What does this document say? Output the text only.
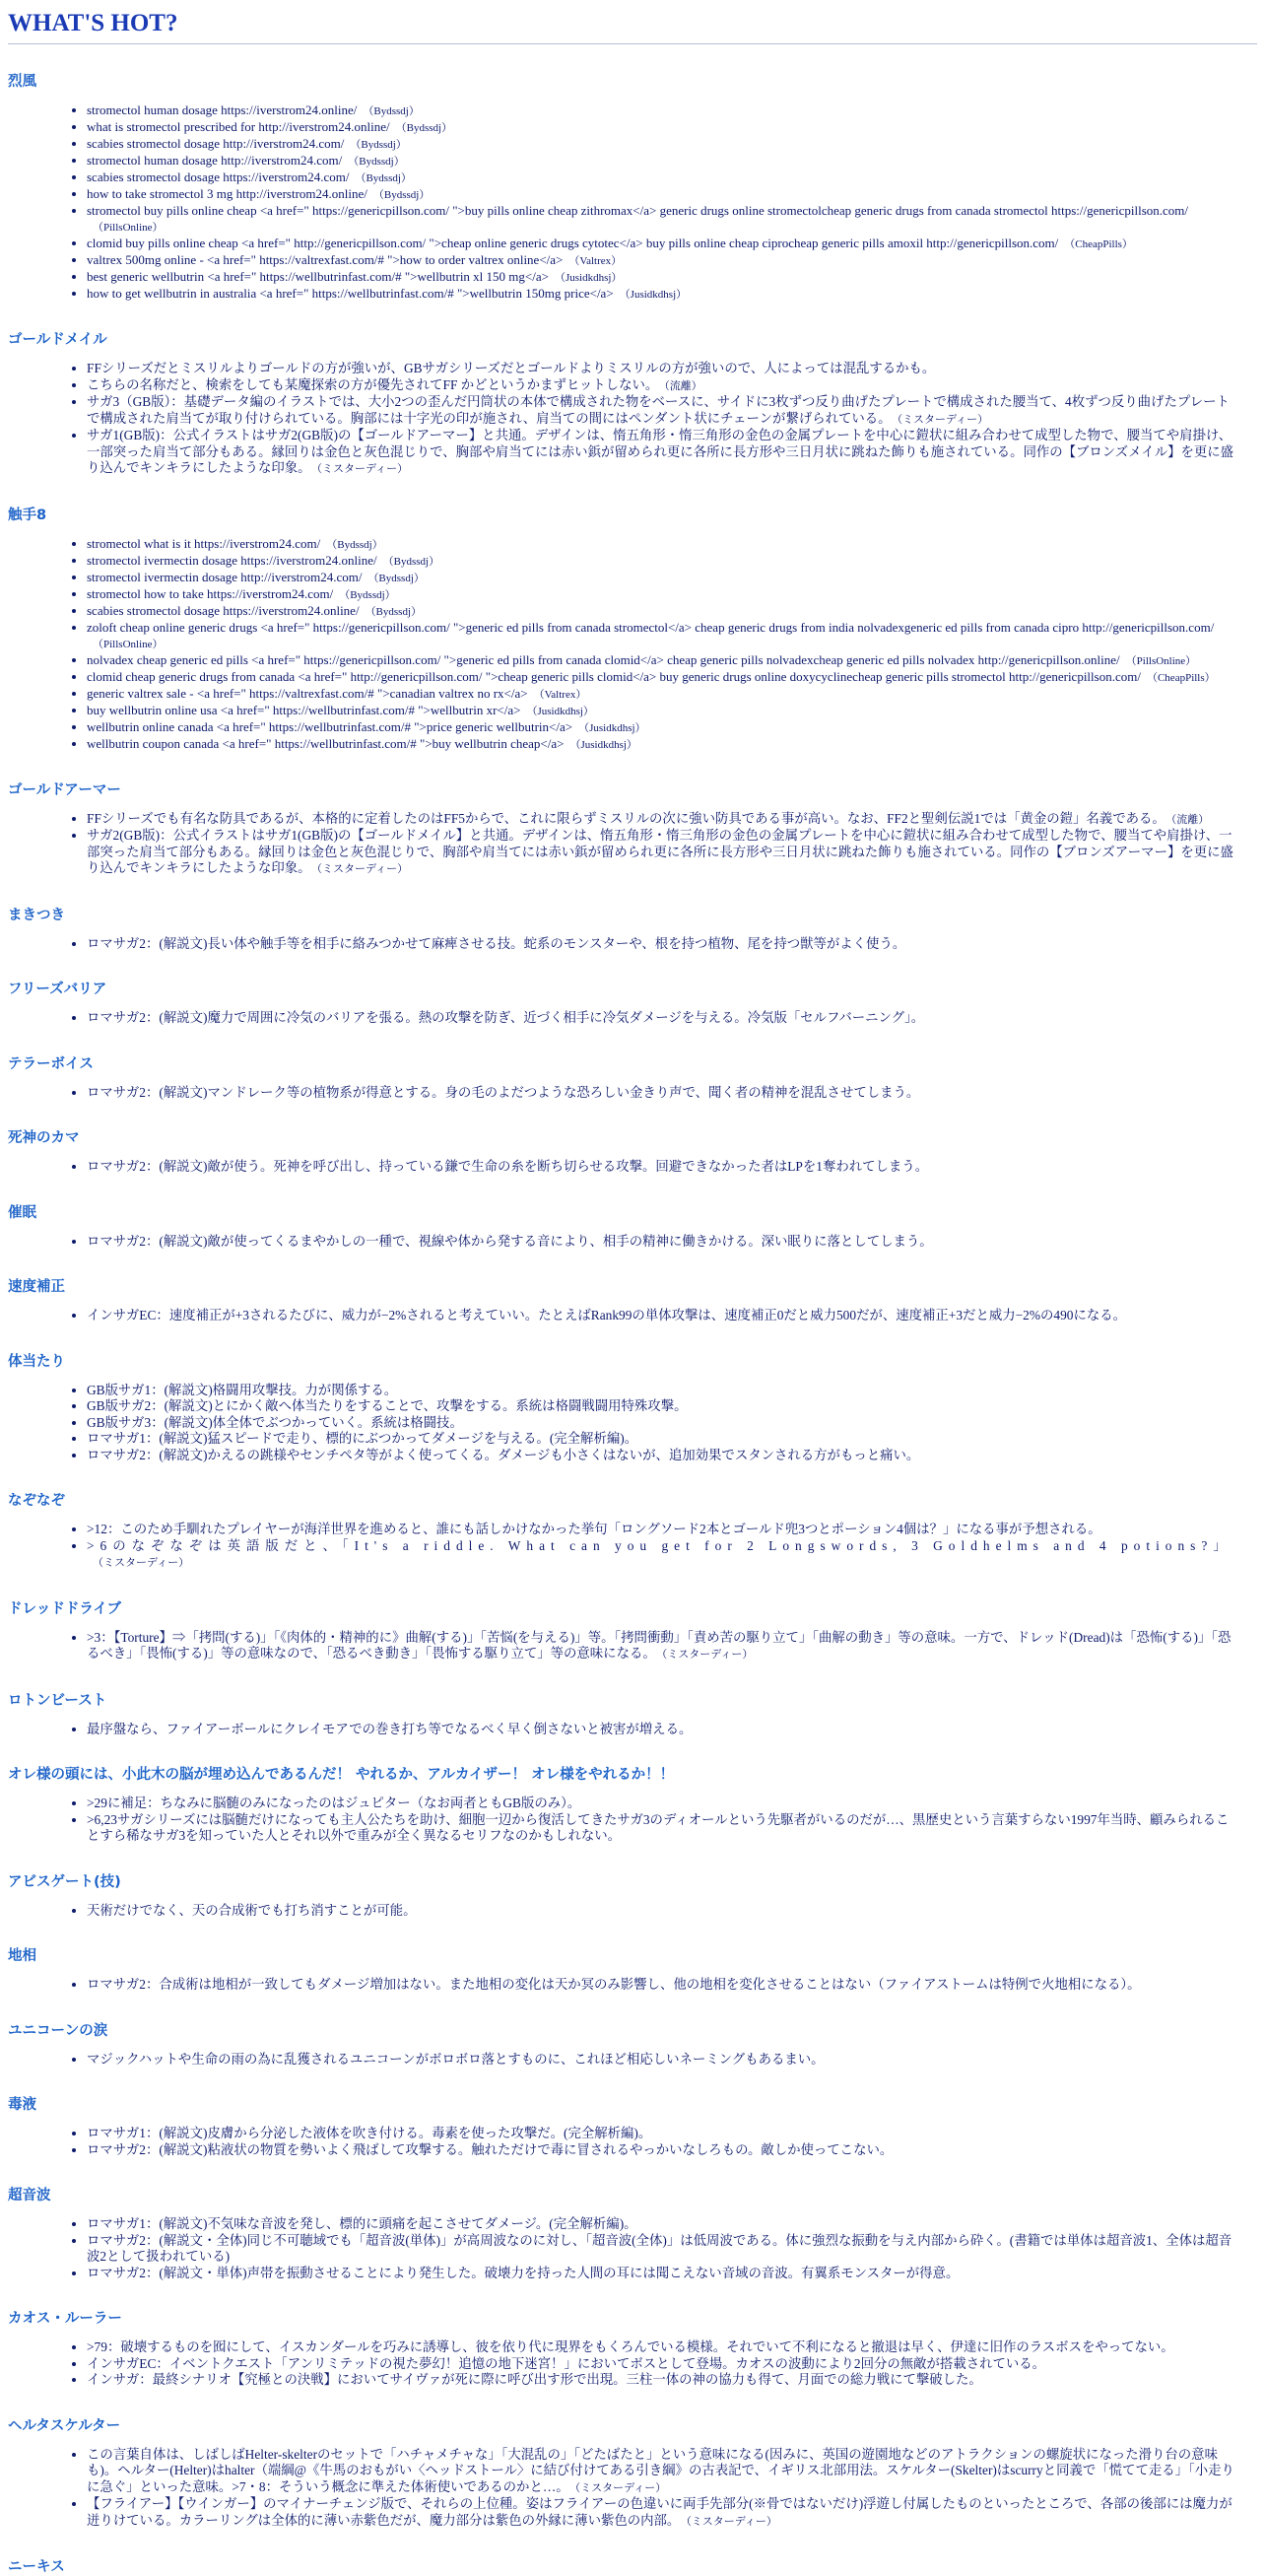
WHAT'S HOT?
烈風
• stromectol human dosage https://iverstrom24.online/ （Bydssdj）
• what is stromectol prescribed for http://iverstrom24.online/ （Bydssdj）
• scabies stromectol dosage http://iverstrom24.com/ （Bydssdj）
• stromectol human dosage http://iverstrom24.com/ （Bydssdj）
• scabies stromectol dosage https://iverstrom24.com/ （Bydssdj）
• how to take stromectol 3 mg http://iverstrom24.online/ （Bydssdj）
• stromectol buy pills online cheap <a href=" https://genericpillson.com/ ">buy pills online cheap zithromax</a> generic drugs online stromectolcheap generic drugs from canada stromectol https://genericpillson.com/（PillsOnline）
• clomid buy pills online cheap <a href=" http://genericpillson.com/ ">cheap online generic drugs cytotec</a> buy pills online cheap ciprocheap generic pills amoxil http://genericpillson.com/ （CheapPills）
• valtrex 500mg online - <a href=" https://valtrexfast.com/# ">how to order valtrex online</a> （Valtrex）
• best generic wellbutrin <a href=" https://wellbutrinfast.com/# ">wellbutrin xl 150 mg</a> （Jusidkdhsj）
• how to get wellbutrin in australia <a href=" https://wellbutrinfast.com/# ">wellbutrin 150mg price</a> （Jusidkdhsj）
ゴールドメイル
• FFシリーズだとミスリルよりゴールドの方が強いが、GBサガシリーズだとゴールドよりミスリルの方が強いので、人によっては混乱するかも。
• こちらの名称だと、検索をしても某魔探索の方が優先されてFF かどというかまずヒットしない。 （流離）
• サガ3（GB版）：基礎データ編のイラストでは、大小2つの歪んだ円筒状の本体で構成された物をベースに、サイドに3枚ずつ反り曲げたプレートで構成された腰当て、4枚ずつ反り曲げたプレートで構成された肩当てが取り付けられている。胸部には十字光の印が施され、肩当ての間にはペンダント状にチェーンが繋げられている。 （ミスターディー）
• サガ1(GB版)：公式イラストはサガ2(GB版)の【ゴールドアーマー】と共通。デザインは、惰五角形・惰三角形の金色の金属プレートを中心に鎧状に組み合わせて成型した物で、腰当てや肩掛け、一部突った肩当て部分もある。縁回りは金色と灰色混じりで、胸部や肩当てには赤い鋲が留められ更に各所に長方形や三日月状に跳ねた飾りも施されている。同作の【ブロンズメイル】を更に盛り込んでキンキラにしたような印象。 （ミスターディー）
触手8
• stromectol what is it https://iverstrom24.com/ （Bydssdj）
• stromectol ivermectin dosage https://iverstrom24.online/ （Bydssdj）
• stromectol ivermectin dosage http://iverstrom24.com/ （Bydssdj）
• stromectol how to take https://iverstrom24.com/ （Bydssdj）
• scabies stromectol dosage https://iverstrom24.online/ （Bydssdj）
• zoloft cheap online generic drugs <a href=" https://genericpillson.com/ ">generic ed pills from canada stromectol</a> cheap generic drugs from india nolvadexgeneric ed pills from canada cipro http://genericpillson.com/（PillsOnline）
• nolvadex cheap generic ed pills <a href=" https://genericpillson.com/ ">generic ed pills from canada clomid</a> cheap generic pills nolvadexcheap generic ed pills nolvadex http://genericpillson.online/ （PillsOnline）
• clomid cheap generic drugs from canada <a href=" http://genericpillson.com/ ">cheap generic pills clomid</a> buy generic drugs online doxycyclinecheap generic pills stromectol http://genericpillson.com/ （CheapPills）
• generic valtrex sale - <a href=" https://valtrexfast.com/# ">canadian valtrex no rx</a> （Valtrex）
• buy wellbutrin online usa <a href=" https://wellbutrinfast.com/# ">wellbutrin xr</a> （Jusidkdhsj）
• wellbutrin online canada <a href=" https://wellbutrinfast.com/# ">price generic wellbutrin</a> （Jusidkdhsj）
• wellbutrin coupon canada <a href=" https://wellbutrinfast.com/# ">buy wellbutrin cheap</a> （Jusidkdhsj）
ゴールドアーマー
• FFシリーズでも有名な防具であるが、本格的に定着したのはFF5からで、これに限らずミスリルの次に強い防具である事が高い。なお、FF2と聖剣伝説1では「黄金の鎧」名義である。 （流離）
• サガ2(GB版)：公式イラストはサガ1(GB版)の【ゴールドメイル】と共通。デザインは、惰五角形・惰三角形の金色の金属プレートを中心に鎧状に組み合わせて成型した物で、腰当てや肩掛け、一部突った肩当て部分もある。縁回りは金色と灰色混じりで、胸部や肩当てには赤い鋲が留められ更に各所に長方形や三日月状に跳ねた飾りも施されている。同作の【ブロンズアーマー】を更に盛り込んでキンキラにしたような印象。 （ミスターディー）
まきつき
• ロマサガ2：(解説文)長い体や触手等を相手に絡みつかせて麻痺させる技。蛇系のモンスターや、根を持つ植物、尾を持つ獣等がよく使う。
フリーズバリア
• ロマサガ2：(解説文)魔力で周囲に冷気のバリアを張る。熱の攻撃を防ぎ、近づく相手に冷気ダメージを与える。冷気版「セルフバーニング」。
テラーボイス
• ロマサガ2：(解説文)マンドレーク等の植物系が得意とする。身の毛のよだつような恐ろしい金きり声で、聞く者の精神を混乱させてしまう。
死神のカマ
• ロマサガ2：(解説文)敵が使う。死神を呼び出し、持っている鎌で生命の糸を断ち切らせる攻撃。回避できなかった者はLPを1奪われてしまう。
催眠
• ロマサガ2：(解説文)敵が使ってくるまやかしの一種で、視線や体から発する音により、相手の精神に働きかける。深い眠りに落としてしまう。
速度補正
• インサガEC：速度補正が+3されるたびに、威力が−2%されると考えていい。たとえばRank99の単体攻撃は、速度補正0だと威力500だが、速度補正+3だと威力−2%の490になる。
体当たり
• GB版サガ1：(解説文)格闘用攻撃技。力が関係する。
• GB版サガ2：(解説文)とにかく敵へ体当たりをすることで、攻撃をする。系統は格闘戦闘用特殊攻撃。
• GB版サガ3：(解説文)体全体でぶつかっていく。系統は格闘技。
• ロマサガ1：(解説文)猛スピードで走り、標的にぶつかってダメージを与える。(完全解析編)。
• ロマサガ2：(解説文)かえるの跳様やセンチペタ等がよく使ってくる。ダメージも小さくはないが、追加効果でスタンされる方がもっと痛い。
なぞなぞ
• >12：このため手馴れたプレイヤーが海洋世界を進めると、誰にも話しかけなかった挙句「ロングソード2本とゴールド兜3つとポーション4個は？」になる事が予想される。
• >6のなぞなぞは英語版だと、「It's a riddle. What can you get for 2 Longswords, 3 Goldhelms and 4 potions?」（ミスターディー）
ドレッドドライブ
• >3：【Torture】⇒「拷問(する)」「《肉体的・精神的に》曲解(する)」「苦悩(を与える)」等。「拷問衝動」「責め苦の駆り立て」「曲解の動き」等の意味。一方で、ドレッド(Dread)は「恐怖(する)」「恐るべき」「畏怖(する)」等の意味なので、「恐るべき動き」「畏怖する駆り立て」等の意味になる。 （ミスターディー）
ロトンビースト
• 最序盤なら、ファイアーボールにクレイモアでの巻き打ち等でなるべく早く倒さないと被害が増える。
オレ様の頭には、小此木の脳が埋め込んであるんだ！ やれるか、アルカイザー！ オレ様をやれるか！！
• >29に補足：ちなみに脳髄のみになったのはジュピター（なお両者ともGB版のみ）。
• >6,23サガシリーズには脳髄だけになっても主人公たちを助け、細胞一辺から復活してきたサガ3のディオールという先駆者がいるのだが…、黒歴史という言葉すらない1997年当時、顧みられることすら稀なサガ3を知っていた人とそれ以外で重みが全く異なるセリフなのかもしれない。
アビスゲート(技)
• 天術だけでなく、天の合成術でも打ち消すことが可能。
地相
• ロマサガ2：合成術は地相が一致してもダメージ増加はない。また地相の変化は天か冥のみ影響し、他の地相を変化させることはない（ファイアストームは特例で火地相になる）。
ユニコーンの涙
• マジックハットや生命の雨の為に乱獲されるユニコーンがボロボロ落とすものに、これほど相応しいネーミングもあるまい。
毒液
• ロマサガ1：(解説文)皮膚から分泌した液体を吹き付ける。毒素を使った攻撃だ。(完全解析編)。
• ロマサガ2：(解説文)粘液状の物質を勢いよく飛ばして攻撃する。触れただけで毒に冒されるやっかいなしろもの。敵しか使ってこない。
超音波
• ロマサガ1：(解説文)不気味な音波を発し、標的に頭痛を起こさせてダメージ。(完全解析編)。
• ロマサガ2：(解説文・全体)同じ不可聴域でも「超音波(単体)」が高周波なのに対し、「超音波(全体)」は低周波である。体に強烈な振動を与え内部から砕く。(書籍では単体は超音波1、全体は超音波2として扱われている)
• ロマサガ2：(解説文・単体)声帯を振動させることにより発生した。破壊力を持った人間の耳には聞こえない音域の音波。有翼系モンスターが得意。
カオス・ルーラー
• >79：破壊するものを囮にして、イスカンダールを巧みに誘導し、彼を依り代に現界をもくろんでいる模様。それでいて不利になると撤退は早く、伊達に旧作のラスボスをやってない。
• インサガEC：イベントクエスト「アンリミテッドの視た夢幻！追憶の地下迷宮！」においてボスとして登場。カオスの波動により2回分の無敵が搭載されている。
• インサガ：最終シナリオ【究極との決戦】においてサイヴァが死に際に呼び出す形で出現。三柱一体の神の協力も得て、月面での総力戦にて撃破した。
ヘルタスケルター
• この言葉自体は、しばしばHelter-skelterのセットで「ハチャメチャな」「大混乱の」「どたばたと」という意味になる(因みに、英国の遊園地などのアトラクションの螺旋状になった滑り台の意味も)。ヘルター(Helter)はhalter（端綱@《牛馬のおもがい〈ヘッドストール〉に結び付けてある引き綱》の古表記で、イギリス北部用法。スケルター(Skelter)はscurryと同義で「慌てて走る」「小走りに急ぐ」といった意味。>7・8：そういう概念に準えた体術使いであるのかと…。 （ミスターディー）
• 【フライアー】【ウインガー】のマイナーチェンジ版で、それらの上位種。姿はフライアーの色違いに両手先部分(※骨ではないだけ)浮遊し付属したものといったところで、各部の後部には魔力が迸りけている。カラーリングは全体的に薄い赤紫色だが、魔力部分は紫色の外縁に薄い紫色の内部。 （ミスターディー）
ニーキス
